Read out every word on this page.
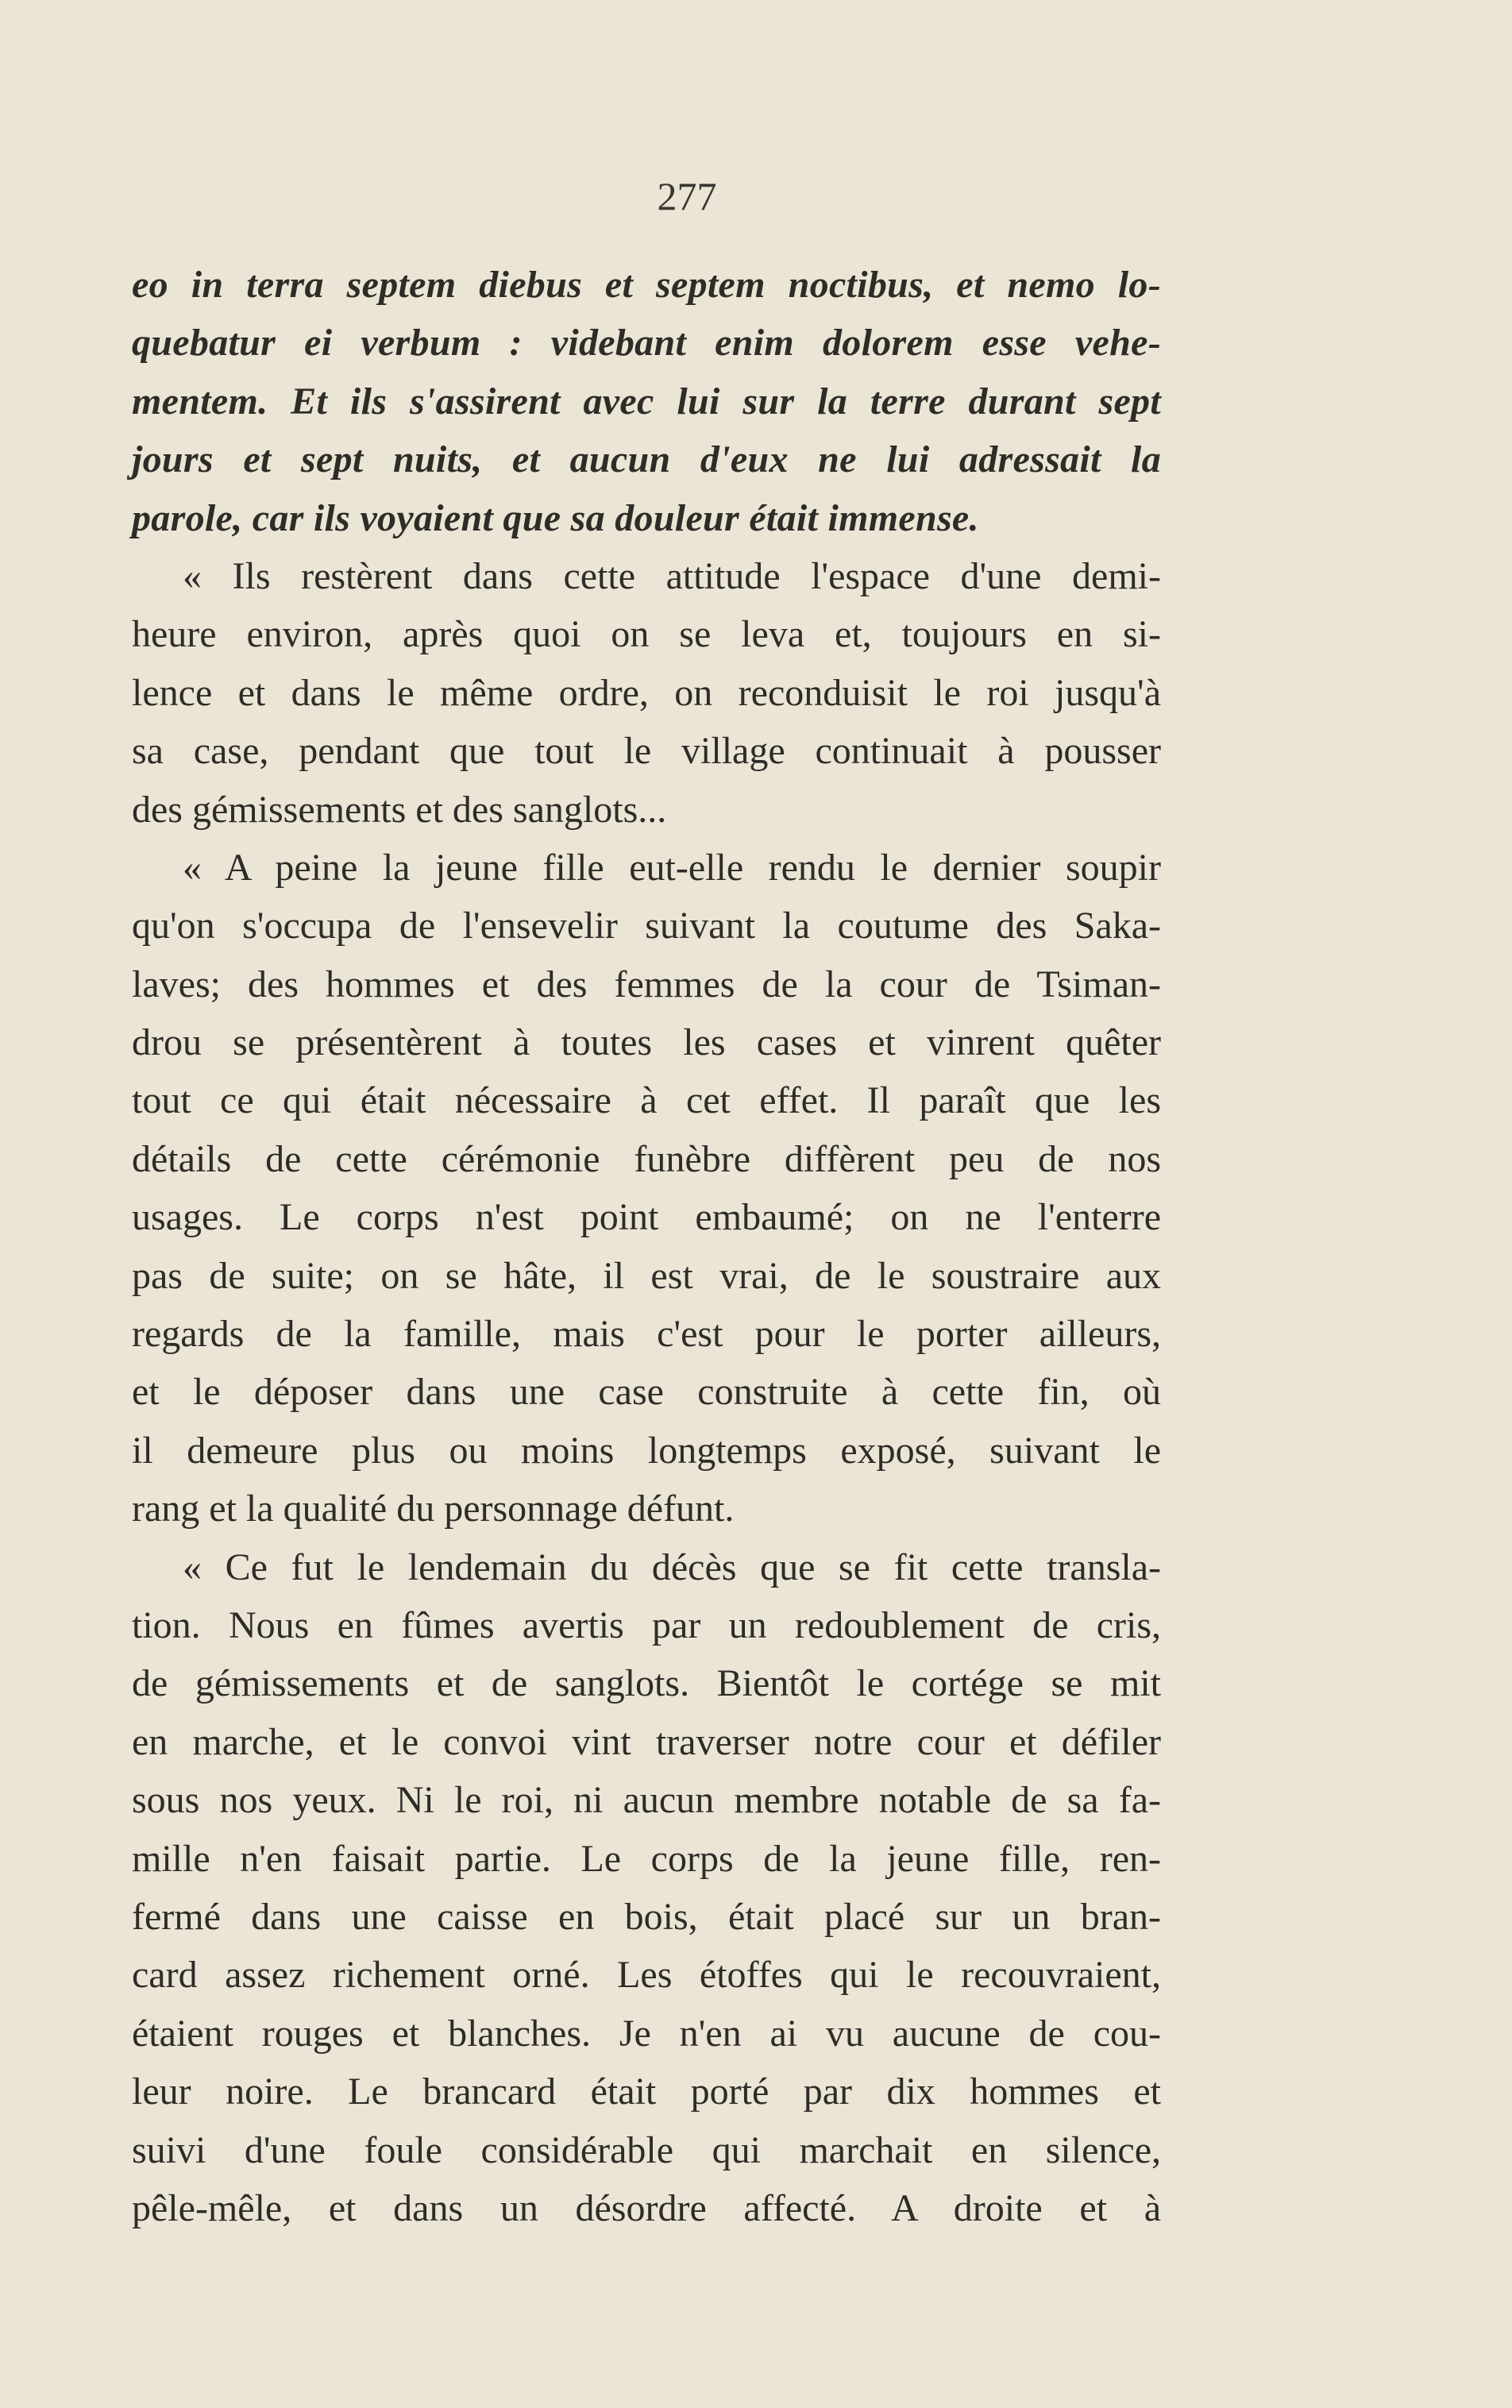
277
eo in terra septem diebus et septem noctibus, et nemo lo-
quebatur ei verbum : videbant enim dolorem esse vehe-
mentem. Et ils s'assirent avec lui sur la terre durant sept
jours et sept nuits, et aucun d'eux ne lui adressait la
parole, car ils voyaient que sa douleur était immense.
« Ils restèrent dans cette attitude l'espace d'une demi-
heure environ, après quoi on se leva et, toujours en si-
lence et dans le même ordre, on reconduisit le roi jusqu'à
sa case, pendant que tout le village continuait à pousser
des gémissements et des sanglots...
« A peine la jeune fille eut-elle rendu le dernier soupir
qu'on s'occupa de l'ensevelir suivant la coutume des Saka-
laves; des hommes et des femmes de la cour de Tsiman-
drou se présentèrent à toutes les cases et vinrent quêter
tout ce qui était nécessaire à cet effet. Il paraît que les
détails de cette cérémonie funèbre diffèrent peu de nos
usages. Le corps n'est point embaumé; on ne l'enterre
pas de suite; on se hâte, il est vrai, de le soustraire aux
regards de la famille, mais c'est pour le porter ailleurs,
et le déposer dans une case construite à cette fin, où
il demeure plus ou moins longtemps exposé, suivant le
rang et la qualité du personnage défunt.
« Ce fut le lendemain du décès que se fit cette transla-
tion. Nous en fûmes avertis par un redoublement de cris,
de gémissements et de sanglots. Bientôt le cortége se mit
en marche, et le convoi vint traverser notre cour et défiler
sous nos yeux. Ni le roi, ni aucun membre notable de sa fa-
mille n'en faisait partie. Le corps de la jeune fille, ren-
fermé dans une caisse en bois, était placé sur un bran-
card assez richement orné. Les étoffes qui le recouvraient,
étaient rouges et blanches. Je n'en ai vu aucune de cou-
leur noire. Le brancard était porté par dix hommes et
suivi d'une foule considérable qui marchait en silence,
pêle-mêle, et dans un désordre affecté. A droite et à
